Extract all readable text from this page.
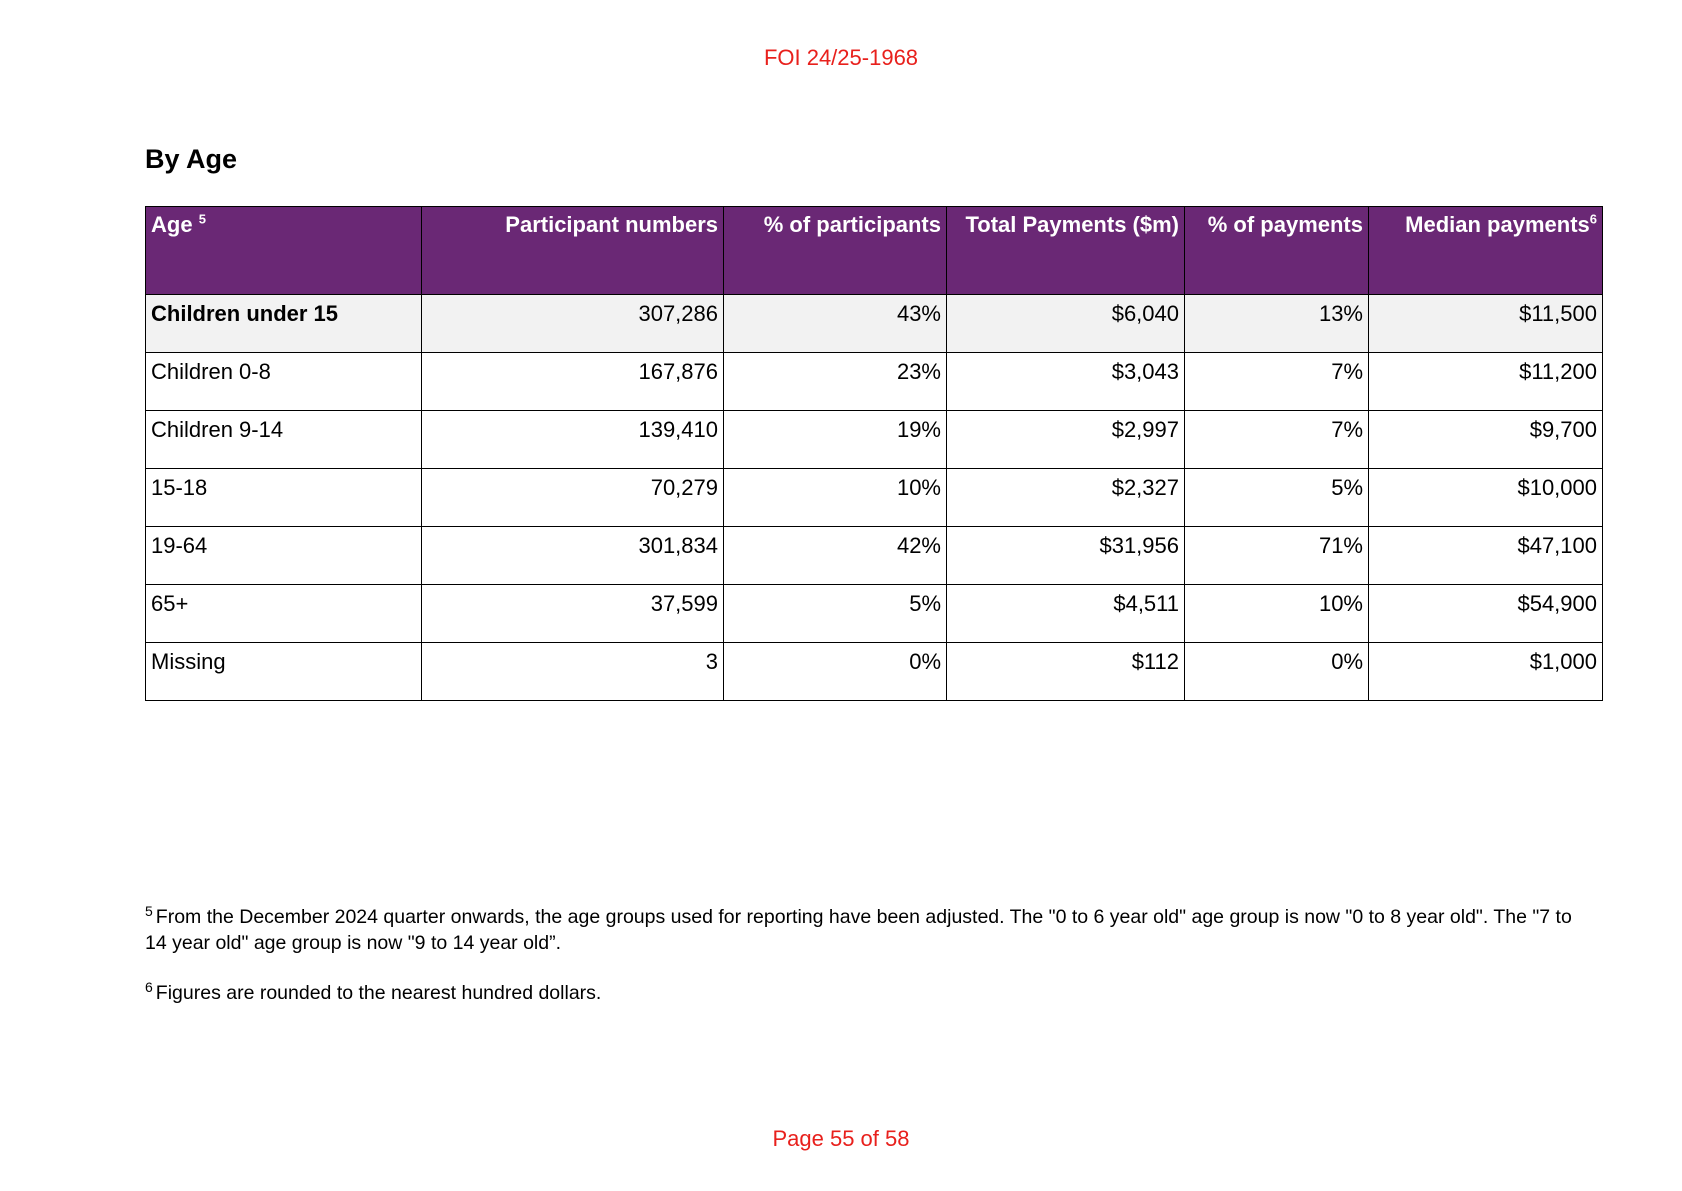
FOI 24/25-1968
By Age
Age $^5$	Participant numbers	% of participants	Total Payments ($m)	% of payments	Median payments$^6$
Children under 15	307,286	43%	$6,040	13%	$11,500
Children 0-8	167,876	23%	$3,043	7%	$11,200
Children 9-14	139,410	19%	$2,997	7%	$9,700
15-18	70,279	10%	$2,327	5%	$10,000
19-64	301,834	42%	$31,956	71%	$47,100
65+	37,599	5%	$4,511	10%	$54,900
Missing	3	0%	$112	0%	$1,000

$^5$ From the December 2024 quarter onwards, the age groups used for reporting have been adjusted. The "0 to 6 year old" age group is now "0 to 8 year old". The "7 to 14 year old" age group is now "9 to 14 year old”.

$^6$ Figures are rounded to the nearest hundred dollars.

Page 55 of 58
